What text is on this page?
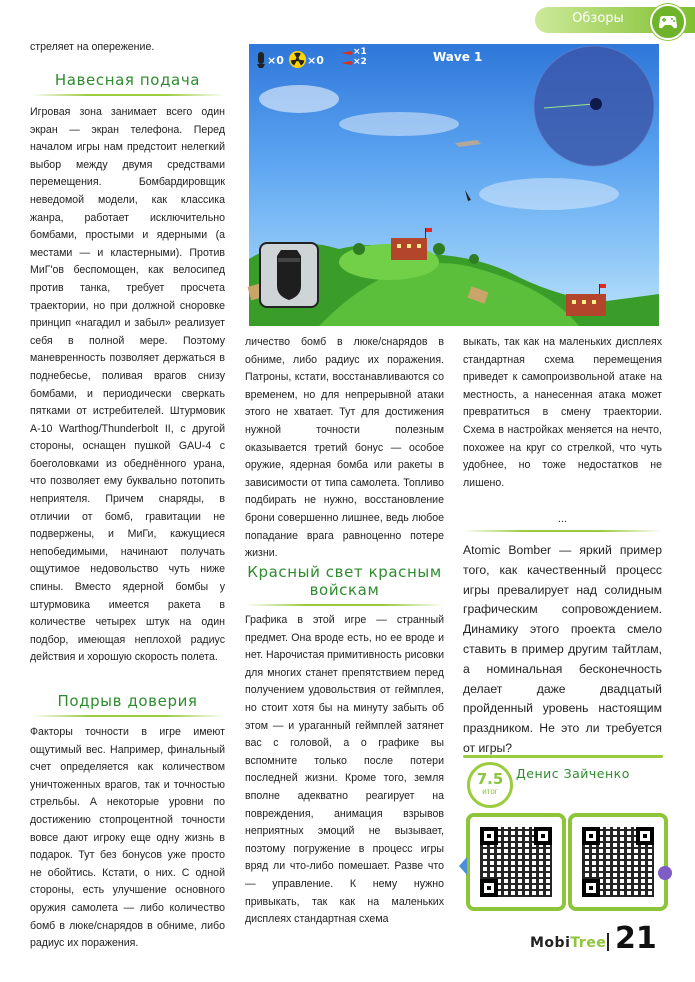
Обзоры
стреляет на опережение.
Навесная подача
Игровая зона занимает всего один экран — экран телефона. Перед началом игры нам предстоит нелегкий выбор между двумя средствами перемещения. Бомбардировщик неведомой модели, как классика жанра, работает исключительно бомбами, простыми и ядерными (а местами — и кластерными). Против МиГ'ов беспомощен, как велосипед против танка, требует просчета траектории, но при должной сноровке принцип «нагадил и забыл» реализует себя в полной мере. Поэтому маневренность позволяет держаться в поднебесье, поливая врагов снизу бомбами, и периодически сверкать пятками от истребителей. Штурмовик A-10 Warthog/Thunderbolt II, с другой стороны, оснащен пушкой GAU-4 с боеголовками из обеднённого урана, что позволяет ему буквально потопить неприятеля. Причем снаряды, в отличии от бомб, гравитации не подвержены, и МиГи, кажущиеся непобедимыми, начинают получать ощутимое недовольство чуть ниже спины. Вместо ядерной бомбы у штурмовика имеется ракета в количестве четырех штук на один подбор, имеющая неплохой радиус действия и хорошую скорость полета.
Подрыв доверия
Факторы точности в игре имеют ощутимый вес. Например, финальный счет определяется как количеством уничтоженных врагов, так и точностью стрельбы. А некоторые уровни по достижению стопроцентной точности вовсе дают игроку еще одну жизнь в подарок. Тут без бонусов уже просто не обойтись. Кстати, о них. С одной стороны, есть улучшение основного оружия самолета — либо количество бомб в люке/снарядов в обниме, либо радиус их поражения.
×0 ×0
×1
×2	Wave 1
личество бомб в люке/снарядов в обниме, либо радиус их поражения. Патроны, кстати, восстанавливаются со временем, но для непрерывной атаки этого не хватает. Тут для достижения нужной точности полезным оказывается третий бонус — особое оружие, ядерная бомба или ракеты в зависимости от типа самолета. Топливо подбирать не нужно, восстановление брони совершенно лишнее, ведь любое попадание врага равноценно потере жизни.
Красный свет красным войскам
Графика в этой игре — странный предмет. Она вроде есть, но ее вроде и нет. Нарочистая примитивность рисовки для многих станет препятствием перед получением удовольствия от геймплея, но стоит хотя бы на минуту забыть об этом — и ураганный геймплей затянет вас с головой, а о графике вы вспомните только после потери последней жизни. Кроме того, земля вполне адекватно реагирует на повреждения, анимация взрывов неприятных эмоций не вызывает, поэтому погружение в процесс игры вряд ли что-либо помешает. Разве что — управление. К нему нужно привыкать, так как на маленьких дисплеях стандартная схема
выкать, так как на маленьких дисплеях стандартная схема перемещения приведет к самопроизвольной атаке на местность, а нанесенная атака может превратиться в смену траектории. Схема в настройках меняется на нечто, похожее на круг со стрелкой, что чуть удобнее, но тоже недостатков не лишено.
...
Atomic Bomber — яркий пример того, как качественный процесс игры превалирует над солидным графическим сопровождением. Динамику этого проекта смело ставить в пример другим тайтлам, а номинальная бесконечность делает даже двадцатый пройденный уровень настоящим праздником. Не это ли требуется от игры?
7.5
итог
Денис Зайченко
MobiTree 21
